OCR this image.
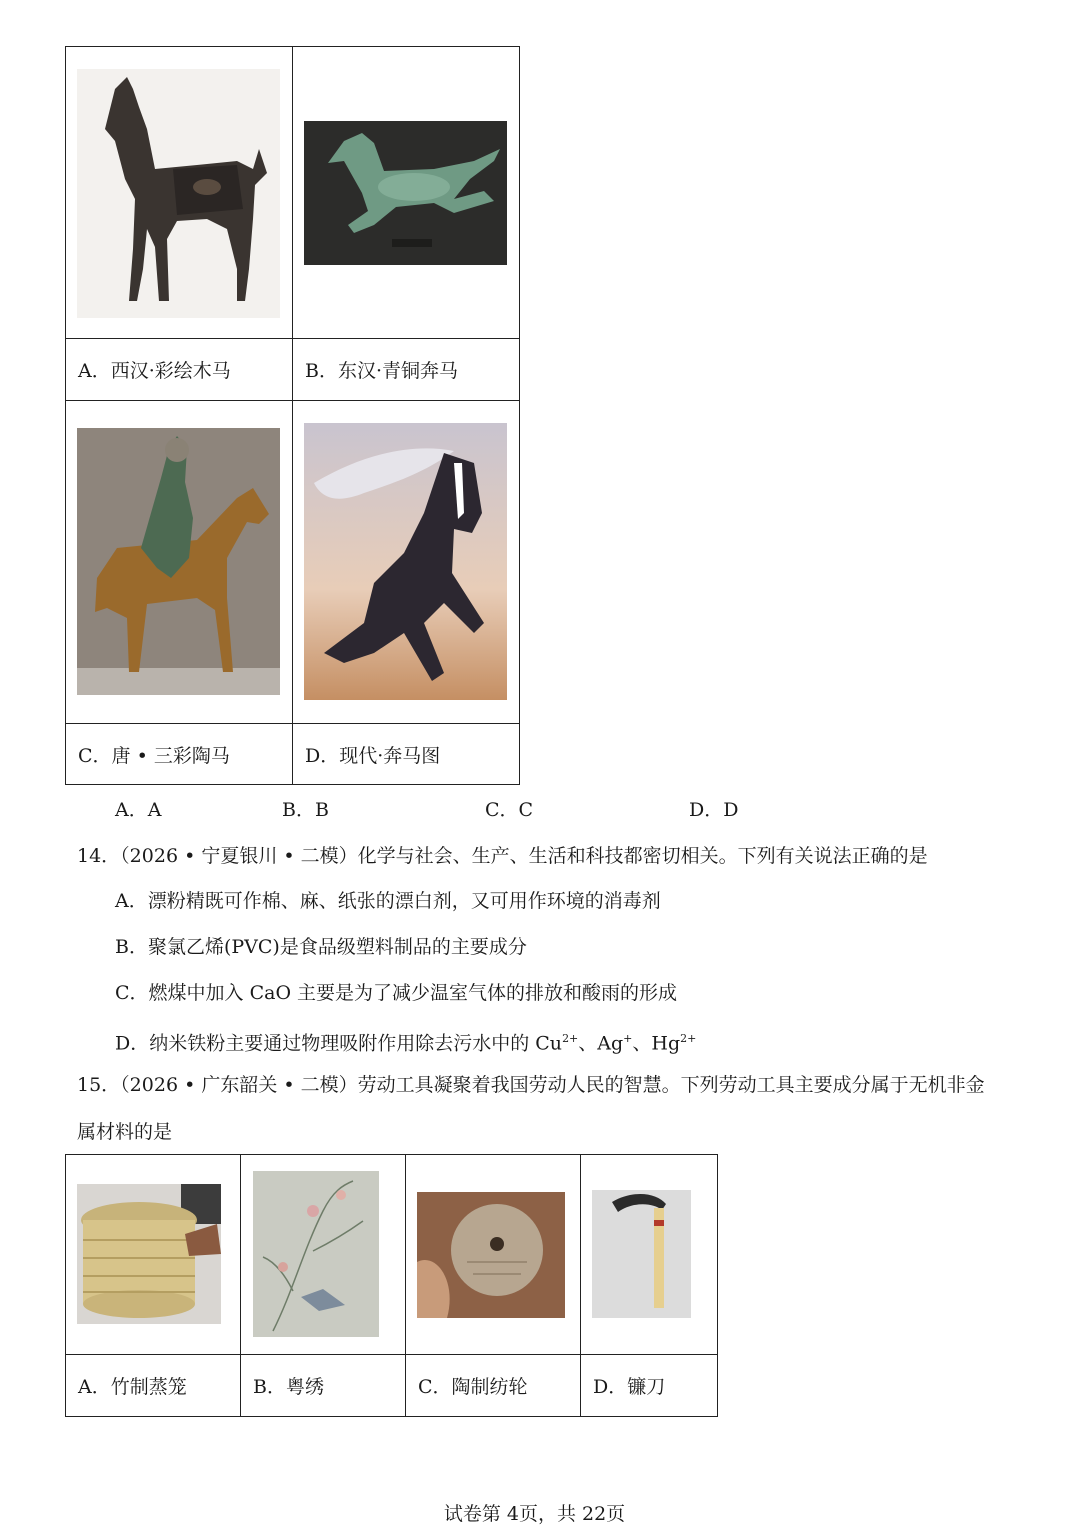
A．西汉·彩绘木马	B．东汉·青铜奔马

C．唐 • 三彩陶马	D．现代·奔马图
A．A	B．B	C．C	D．D
14．（2026 • 宁夏银川 • 二模）化学与社会、生产、生活和科技都密切相关。下列有关说法正确的是
A．漂粉精既可作棉、麻、纸张的漂白剂，又可用作环境的消毒剂
B．聚氯乙烯(PVC)是食品级塑料制品的主要成分
C．燃煤中加入 CaO 主要是为了减少温室气体的排放和酸雨的形成
D．纳米铁粉主要通过物理吸附作用除去污水中的 $Cu^{2+}$、Ag+、$Hg^{2+}$
15．（2026 • 广东韶关 • 二模）劳动工具凝聚着我国劳动人民的智慧。下列劳动工具主要成分属于无机非金
属材料的是

A．竹制蒸笼	B．粤绣	C．陶制纺轮	D．镰刀
试卷第 4页，共 22页
